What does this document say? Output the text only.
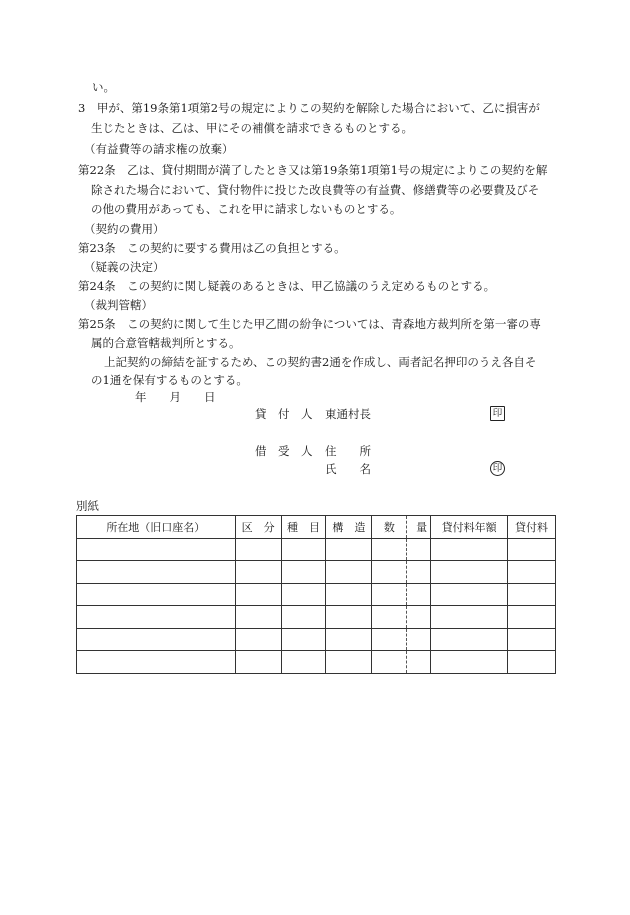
い。
3　甲が、第19条第1項第2号の規定によりこの契約を解除した場合において、乙に損害が
生じたときは、乙は、甲にその補償を請求できるものとする。
（有益費等の請求権の放棄）
第22条　乙は、貸付期間が満了したとき又は第19条第1項第1号の規定によりこの契約を解
除された場合において、貸付物件に投じた改良費等の有益費、修繕費等の必要費及びそ
の他の費用があっても、これを甲に請求しないものとする。
（契約の費用）
第23条　この契約に要する費用は乙の負担とする。
（疑義の決定）
第24条　この契約に関し疑義のあるときは、甲乙協議のうえ定めるものとする。
（裁判管轄）
第25条　この契約に関して生じた甲乙間の紛争については、青森地方裁判所を第一審の専
属的合意管轄裁判所とする。
上記契約の締結を証するため、この契約書2通を作成し、両者記名押印のうえ各自そ
の1通を保有するものとする。
年　　月　　日
貸　付　人 東通村長	印
借　受　人 住　　所
氏　　名	印
別紙
所在地（旧口座名）	区　分	種　目	構　造	数	量	貸付料年額	貸付料
